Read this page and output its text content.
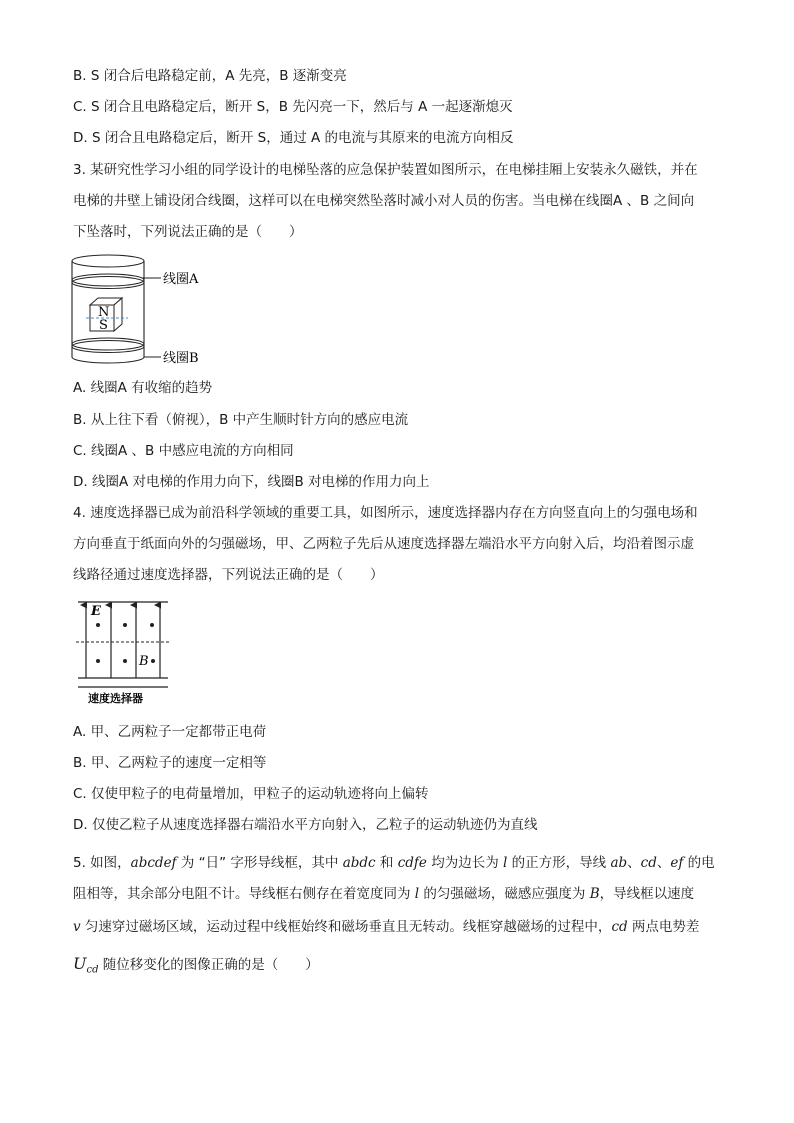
B. S 闭合后电路稳定前，A 先亮，B 逐渐变亮
C. S 闭合且电路稳定后，断开 S，B 先闪亮一下，然后与 A 一起逐渐熄灭
D. S 闭合且电路稳定后，断开 S，通过 A 的电流与其原来的电流方向相反
3. 某研究性学习小组的同学设计的电梯坠落的应急保护装置如图所示，在电梯挂厢上安装永久磁铁，并在
电梯的井壁上铺设闭合线圈，这样可以在电梯突然坠落时减小对人员的伤害。当电梯在线圈A 、B 之间向
下坠落时，下列说法正确的是（　　）
N
S
线圈A
线圈B
A. 线圈A 有收缩的趋势
B. 从上往下看（俯视），B 中产生顺时针方向的感应电流
C. 线圈A 、B 中感应电流的方向相同
D. 线圈A 对电梯的作用力向下，线圈B 对电梯的作用力向上
4. 速度选择器已成为前沿科学领域的重要工具，如图所示，速度选择器内存在方向竖直向上的匀强电场和
方向垂直于纸面向外的匀强磁场，甲、乙两粒子先后从速度选择器左端沿水平方向射入后，均沿着图示虚
线路径通过速度选择器，下列说法正确的是（　　）
E
B
速度选择器
A. 甲、乙两粒子一定都带正电荷
B. 甲、乙两粒子的速度一定相等
C. 仅使甲粒子的电荷量增加，甲粒子的运动轨迹将向上偏转
D. 仅使乙粒子从速度选择器右端沿水平方向射入，乙粒子的运动轨迹仍为直线
5. 如图，abcdef 为 “日” 字形导线框，其中 abdc 和 cdfe 均为边长为 l 的正方形，导线 ab、cd、ef 的电
阻相等，其余部分电阻不计。导线框右侧存在着宽度同为 l 的匀强磁场，磁感应强度为 B，导线框以速度
v 匀速穿过磁场区域，运动过程中线框始终和磁场垂直且无转动。线框穿越磁场的过程中，cd 两点电势差
$U_{cd}$ 随位移变化的图像正确的是（　　）
